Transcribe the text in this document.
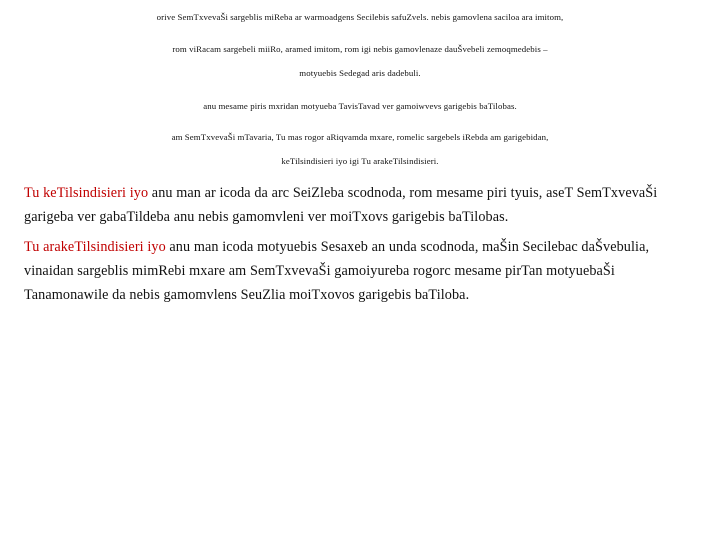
orive SemTxvevaŠi sargeblis miReba ar warmoadgens Secilebis safuZvels. nebis gamovlena saciloa ara imitom,
rom viRacam sargebeli miiRo, aramed imitom, rom igi nebis gamovlenaze dauŠvebeli zemoqmedebis –
motyuebis Sedegad aris dadebuli.
anu mesame piris mxridan motyueba TavisTavad ver gamoiwvevs garigebis baTilobas.
am SemTxvevaŠi mTavaria, Tu mas rogor aRiqvamda mxare, romelic sargebels iRebda am garigebidan,
keTilsindisieri iyo igi Tu arakeTilsindisieri.
Tu keTilsindisieri iyo anu man ar icoda da arc SeiZleba scodnoda, rom mesame piri tyuis, aseT SemTxvevaŠi
garigeba ver gabaTildeba anu nebis gamomvleni ver moiTxovs garigebis baTilobas.
Tu arakeTilsindisieri iyo anu man icoda motyuebis Sesaxeb an unda scodnoda, maŠin Secilebac daŠvebulia,
vinaidan sargeblis mimRebi mxare am SemTxvevaŠi gamoiyureba rogorc mesame pirTan motyuebaŠi
Tanamonawile da nebis gamomvlens SeuZlia moiTxovos garigebis baTiloba.
